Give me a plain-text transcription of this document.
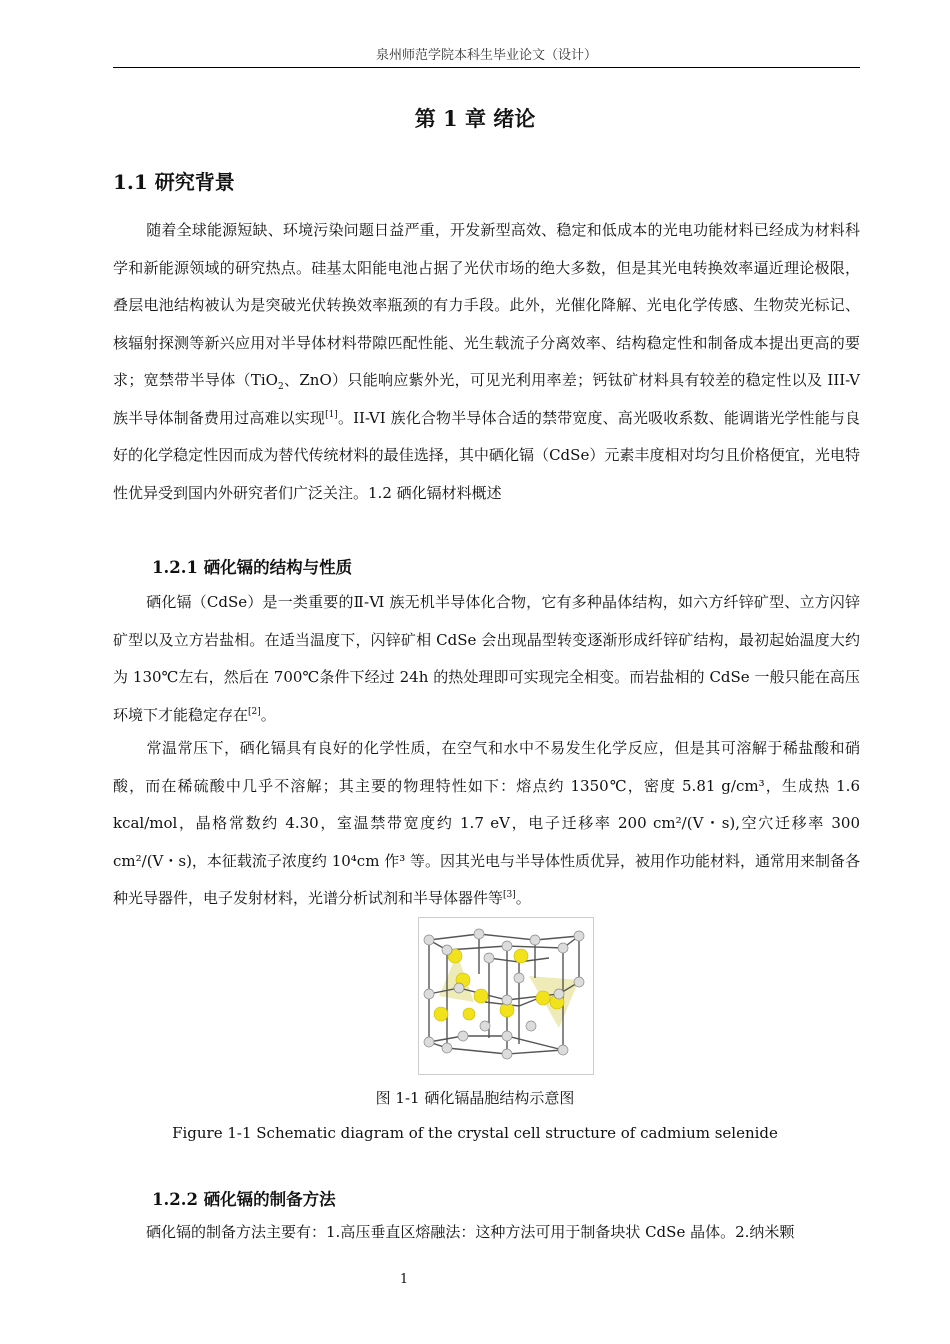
泉州师范学院本科生毕业论文（设计）
第 1 章 绪论
1.1 研究背景

随着全球能源短缺、环境污染问题日益严重，开发新型高效、稳定和低成本的光电功能材料已经成为材料科学和新能源领域的研究热点。硅基太阳能电池占据了光伏市场的绝大多数，但是其光电转换效率逼近理论极限，叠层电池结构被认为是突破光伏转换效率瓶颈的有力手段。此外，光催化降解、光电化学传感、生物荧光标记、核辐射探测等新兴应用对半导体材料带隙匹配性能、光生载流子分离效率、结构稳定性和制备成本提出更高的要求；宽禁带半导体（TiO$_2$、ZnO）只能响应紫外光，可见光利用率差；钙钛矿材料具有较差的稳定性以及 III-V 族半导体制备费用过高难以实现[1]。II-VI 族化合物半导体合适的禁带宽度、高光吸收系数、能调谐光学性能与良好的化学稳定性因而成为替代传统材料的最佳选择，其中硒化镉（CdSe）元素丰度相对均匀且价格便宜，光电特性优异受到国内外研究者们广泛关注。1.2 硒化镉材料概述

1.2.1 硒化镉的结构与性质

硒化镉（CdSe）是一类重要的Ⅱ-Ⅵ 族无机半导体化合物，它有多种晶体结构，如六方纤锌矿型、立方闪锌矿型以及立方岩盐相。在适当温度下，闪锌矿相 CdSe 会出现晶型转变逐渐形成纤锌矿结构，最初起始温度大约为 130℃左右，然后在 700℃条件下经过 24h 的热处理即可实现完全相变。而岩盐相的 CdSe 一般只能在高压环境下才能稳定存在[2]。

常温常压下，硒化镉具有良好的化学性质，在空气和水中不易发生化学反应，但是其可溶解于稀盐酸和硝酸，而在稀硫酸中几乎不溶解；其主要的物理特性如下：熔点约 1350℃，密度 5.81 g/cm³，生成热 1.6 kcal/mol，晶格常数约 4.30，室温禁带宽度约 1.7 eV，电子迁移率 200 cm²/(V・s),空穴迁移率 300 cm²/(V・s)，本征载流子浓度约 10⁴cm 作³ 等。因其光电与半导体性质优异，被用作功能材料，通常用来制备各种光导器件，电子发射材料，光谱分析试剂和半导体器件等[3]。

图 1-1 硒化镉晶胞结构示意图
Figure 1-1 Schematic diagram of the crystal cell structure of cadmium selenide
1.2.2 硒化镉的制备方法

硒化镉的制备方法主要有：1.高压垂直区熔融法：这种方法可用于制备块状 CdSe 晶体。2.纳米颗

1
